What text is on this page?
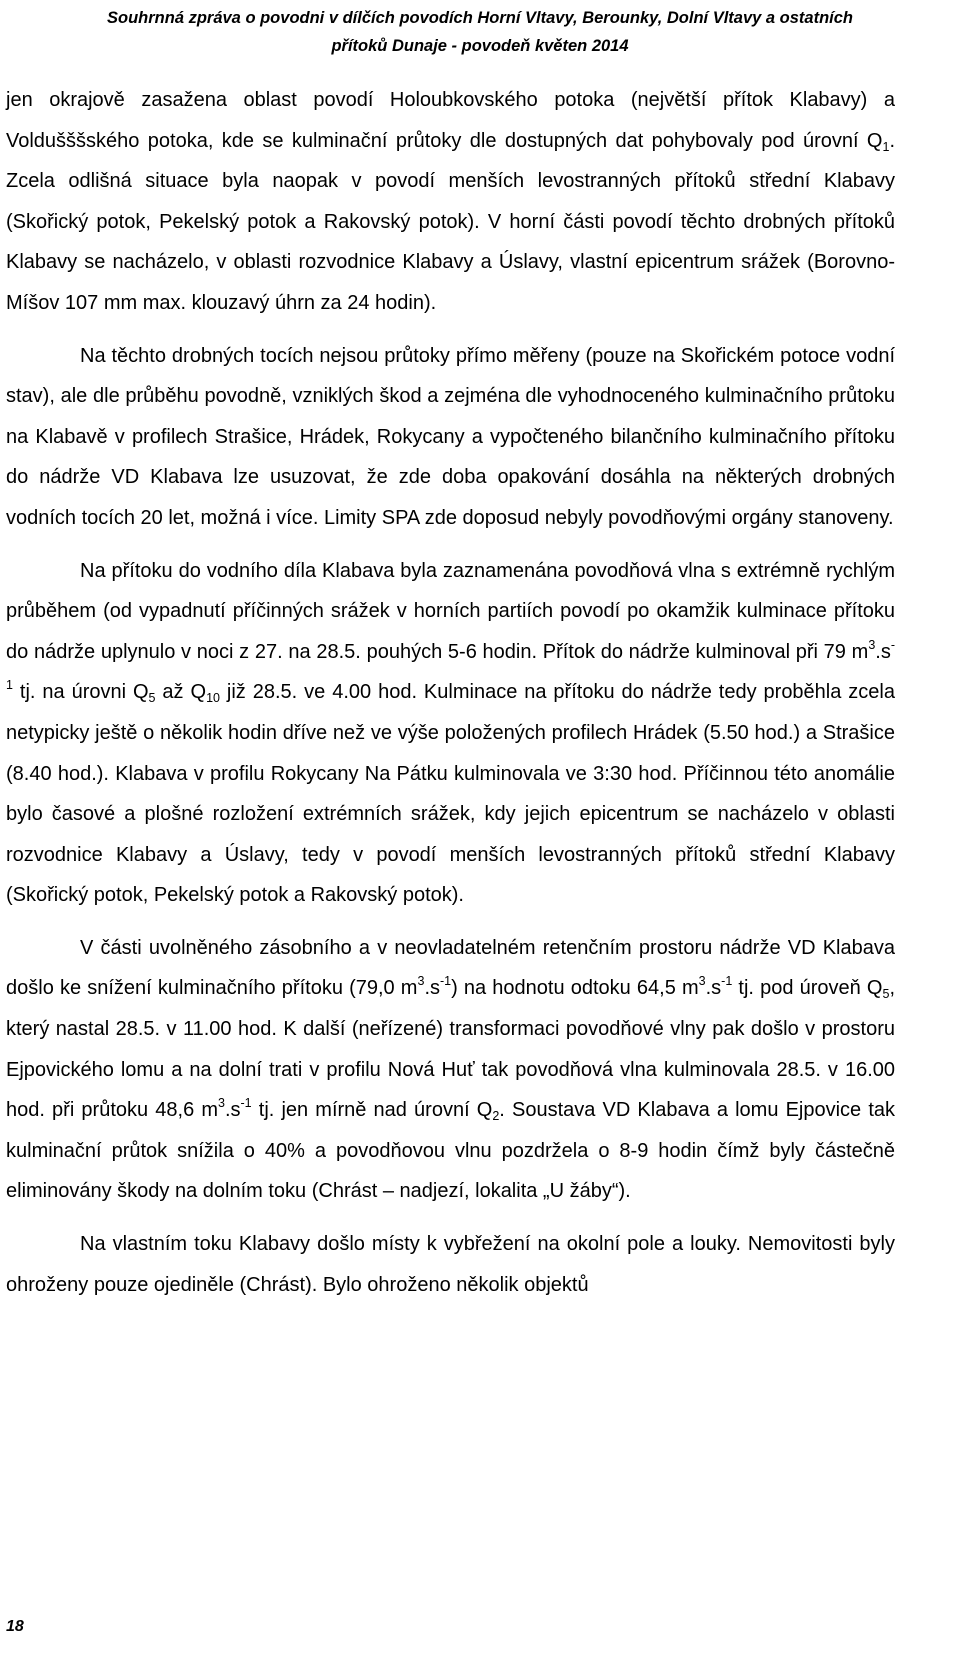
Souhrnná zpráva o povodni v dílčích povodích Horní Vltavy, Berounky, Dolní Vltavy a ostatních
přítoků Dunaje - povodeň květen 2014

jen okrajově zasažena oblast povodí Holoubkovského potoka (největší přítok Klabavy) a Voldušššského potoka, kde se kulminační průtoky dle dostupných dat pohybovaly pod úrovní $Q_1$. Zcela odlišná situace byla naopak v povodí menších levostranných přítoků střední Klabavy (Skořický potok, Pekelský potok a Rakovský potok). V horní části povodí těchto drobných přítoků Klabavy se nacházelo, v oblasti rozvodnice Klabavy a Úslavy, vlastní epicentrum srážek (Borovno-Míšov 107 mm max. klouzavý úhrn za 24 hodin).

Na těchto drobných tocích nejsou průtoky přímo měřeny (pouze na Skořickém potoce vodní stav), ale dle průběhu povodně, vzniklých škod a zejména dle vyhodnoceného kulminačního průtoku na Klabavě v profilech Strašice, Hrádek, Rokycany a vypočteného bilančního kulminačního přítoku do nádrže VD Klabava lze usuzovat, že zde doba opakování dosáhla na některých drobných vodních tocích 20 let, možná i více. Limity SPA zde doposud nebyly povodňovými orgány stanoveny.

Na přítoku do vodního díla Klabava byla zaznamenána povodňová vlna s extrémně rychlým průběhem (od vypadnutí příčinných srážek v horních partiích povodí po okamžik kulminace přítoku do nádrže uplynulo v noci z 27. na 28.5. pouhých 5-6 hodin. Přítok do nádrže kulminoval při 79 $m^3.s^{-1}$ tj. na úrovni $Q_5$ až $Q_{10}$ již 28.5. ve 4.00 hod. Kulminace na přítoku do nádrže tedy proběhla zcela netypicky ještě o několik hodin dříve než ve výše položených profilech Hrádek (5.50 hod.) a Strašice (8.40 hod.). Klabava v profilu Rokycany Na Pátku kulminovala ve 3:30 hod. Příčinnou této anomálie bylo časové a plošné rozložení extrémních srážek, kdy jejich epicentrum se nacházelo v oblasti rozvodnice Klabavy a Úslavy, tedy v povodí menších levostranných přítoků střední Klabavy (Skořický potok, Pekelský potok a Rakovský potok).

V části uvolněného zásobního a v neovladatelném retenčním prostoru nádrže VD Klabava došlo ke snížení kulminačního přítoku (79,0 $m^3.s^{-1}$) na hodnotu odtoku 64,5 $m^3.s^{-1}$ tj. pod úroveň $Q_5$, který nastal 28.5. v 11.00 hod. K další (neřízené) transformaci povodňové vlny pak došlo v prostoru Ejpovického lomu a na dolní trati v profilu Nová Huť tak povodňová vlna kulminovala 28.5. v 16.00 hod. při průtoku 48,6 $m^3.s^{-1}$ tj. jen mírně nad úrovní $Q_2$. Soustava VD Klabava a lomu Ejpovice tak kulminační průtok snížila o 40% a povodňovou vlnu pozdržela o 8-9 hodin čímž byly částečně eliminovány škody na dolním toku (Chrást – nadjezí, lokalita „U žáby“).

Na vlastním toku Klabavy došlo místy k vybřežení na okolní pole a louky. Nemovitosti byly ohroženy pouze ojediněle (Chrást). Bylo ohroženo několik objektů

18
